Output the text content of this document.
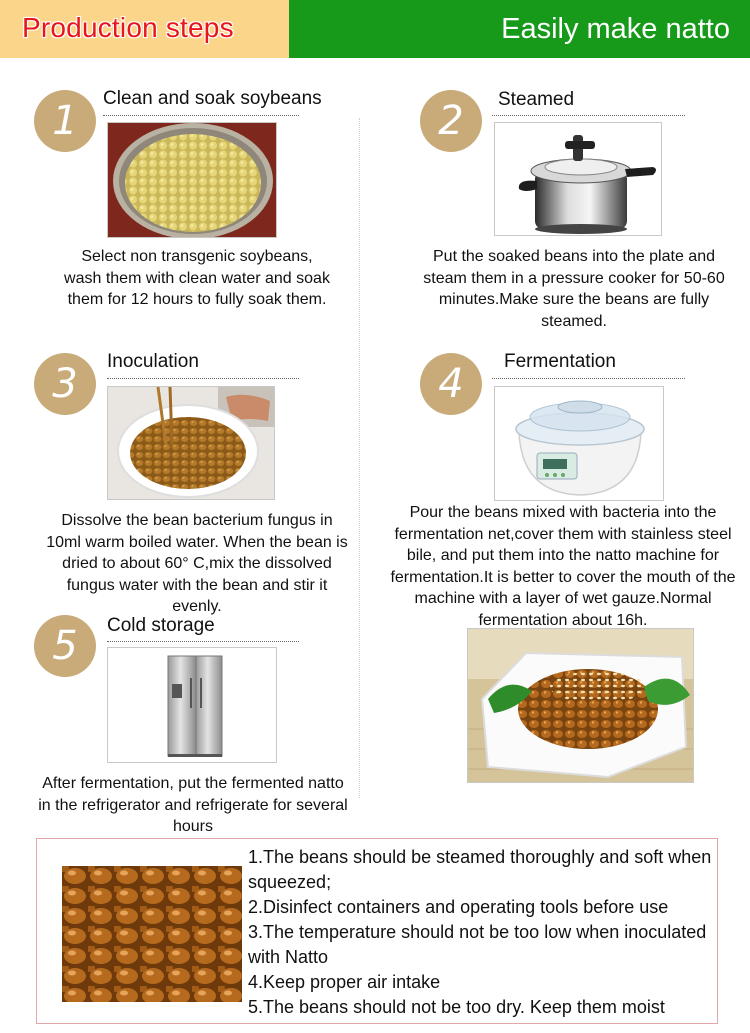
Production steps	Easily make natto
1	Clean and soak soybeans
Select non transgenic soybeans, wash them with clean water and soak them for 12 hours to fully soak them.
2	Steamed
Put the soaked beans into the plate and steam them in a pressure cooker for 50-60 minutes.Make sure the beans are fully steamed.
3	Inoculation
Dissolve the bean bacterium fungus in 10ml warm boiled water. When the bean is dried to about 60° C,mix the dissolved fungus water with the bean and stir it evenly.
4	Fermentation
Pour the beans mixed with bacteria into the fermentation net,cover them with stainless steel bile, and put them into the natto machine for fermentation.It is better to cover the mouth of the machine with a layer of wet gauze.Normal fermentation about 16h.
5	Cold storage
After fermentation, put the fermented natto in the refrigerator and refrigerate for several hours
1.The beans should be steamed thoroughly and soft when squeezed;
2.Disinfect containers and operating tools before use
3.The temperature should not be too low when inoculated with Natto
4.Keep proper air intake
5.The beans should not be too dry. Keep them moist
